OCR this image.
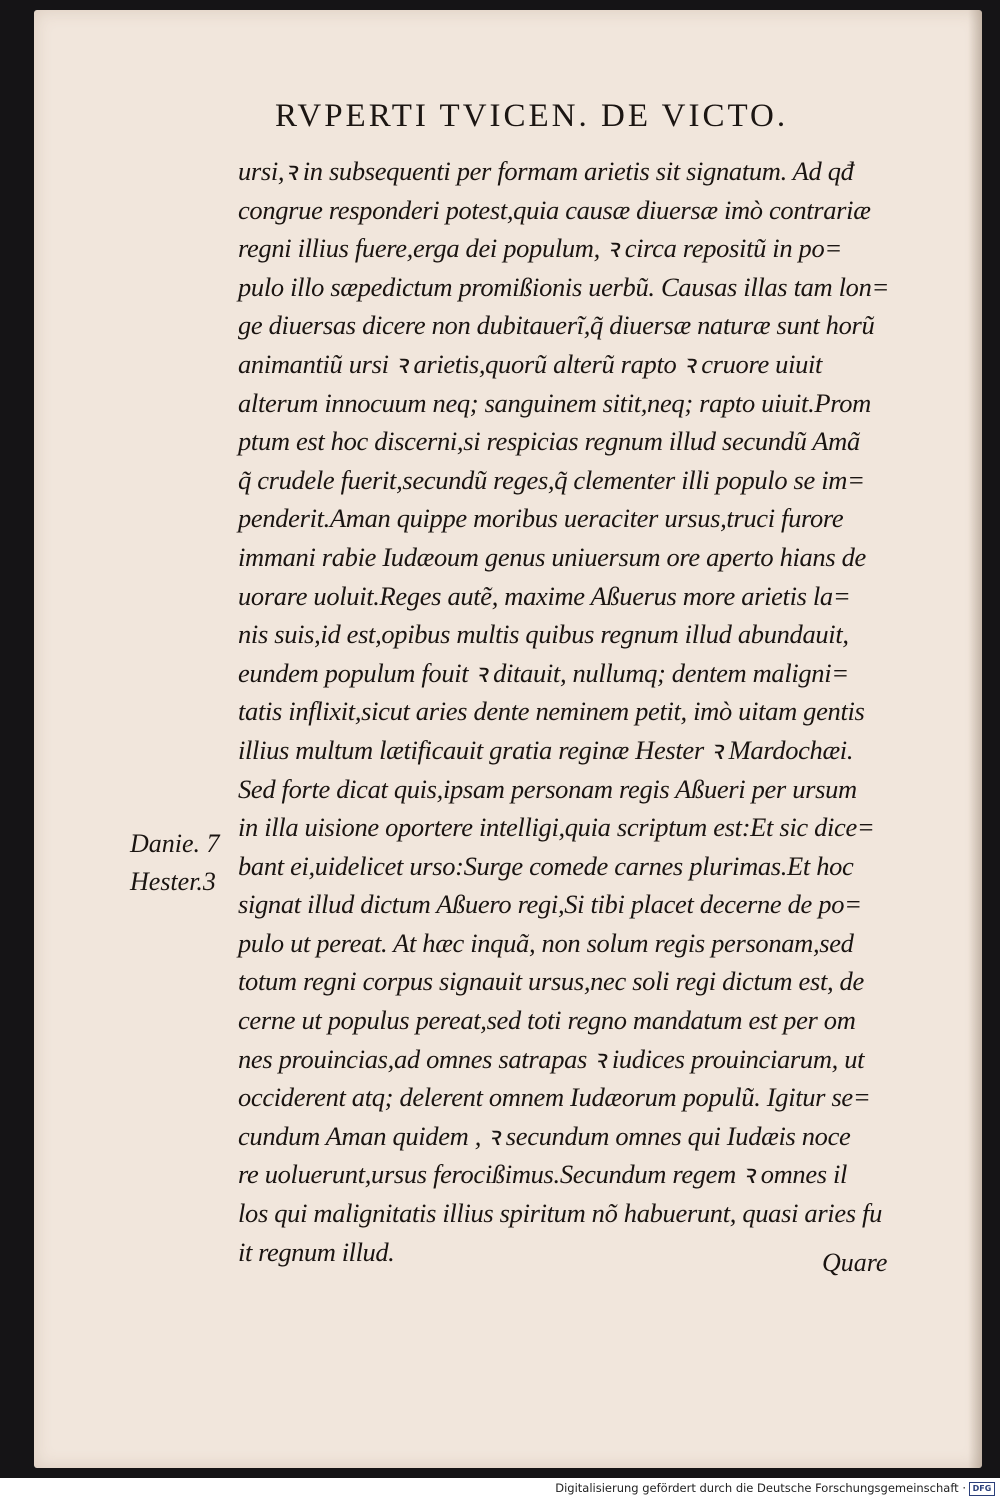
RVPERTI TVICEN. DE VICTO.
ursi,ꝛ in subsequenti per formam arietis sit signatum. Ad qđ
congrue responderi potest,quia causæ diuersæ imò contrariæ
regni illius fuere,erga dei populum, ꝛ circa repositũ in po=
pulo illo sæpedictum promißionis uerbũ. Causas illas tam lon=
ge diuersas dicere non dubitauerĩ,q̃ diuersæ naturæ sunt horũ
animantiũ ursi ꝛ arietis,quorũ alterũ rapto ꝛ cruore uiuit
alterum innocuum neq; sanguinem sitit,neq; rapto uiuit.Prom
ptum est hoc discerni,si respicias regnum illud secundũ Amã
q̃ crudele fuerit,secundũ reges,q̃ clementer illi populo se im=
penderit.Aman quippe moribus ueraciter ursus,truci furore
immani rabie Iudæoum genus uniuersum ore aperto hians de
uorare uoluit.Reges autẽ, maxime Aßuerus more arietis la=
nis suis,id est,opibus multis quibus regnum illud abundauit,
eundem populum fouit ꝛ ditauit, nullumq; dentem maligni=
tatis inflixit,sicut aries dente neminem petit, imò uitam gentis
illius multum lætificauit gratia reginæ Hester ꝛ Mardochæi.
Sed forte dicat quis,ipsam personam regis Aßueri per ursum
in illa uisione oportere intelligi,quia scriptum est:Et sic dice=
bant ei,uidelicet urso:Surge comede carnes plurimas.Et hoc
signat illud dictum Aßuero regi,Si tibi placet decerne de po=
pulo ut pereat. At hæc inquã, non solum regis personam,sed
totum regni corpus signauit ursus,nec soli regi dictum est, de
cerne ut populus pereat,sed toti regno mandatum est per om
nes prouincias,ad omnes satrapas ꝛ iudices prouinciarum, ut
occiderent atq; delerent omnem Iudæorum populũ. Igitur se=
cundum Aman quidem , ꝛ secundum omnes qui Iudæis noce
re uoluerunt,ursus ferocißimus.Secundum regem ꝛ omnes il
los qui malignitatis illius spiritum nõ habuerunt, quasi aries fu
it regnum illud.
Danie. 7
Hester.3
Quare
Digitalisierung gefördert durch die Deutsche Forschungsgemeinschaft · DFG
